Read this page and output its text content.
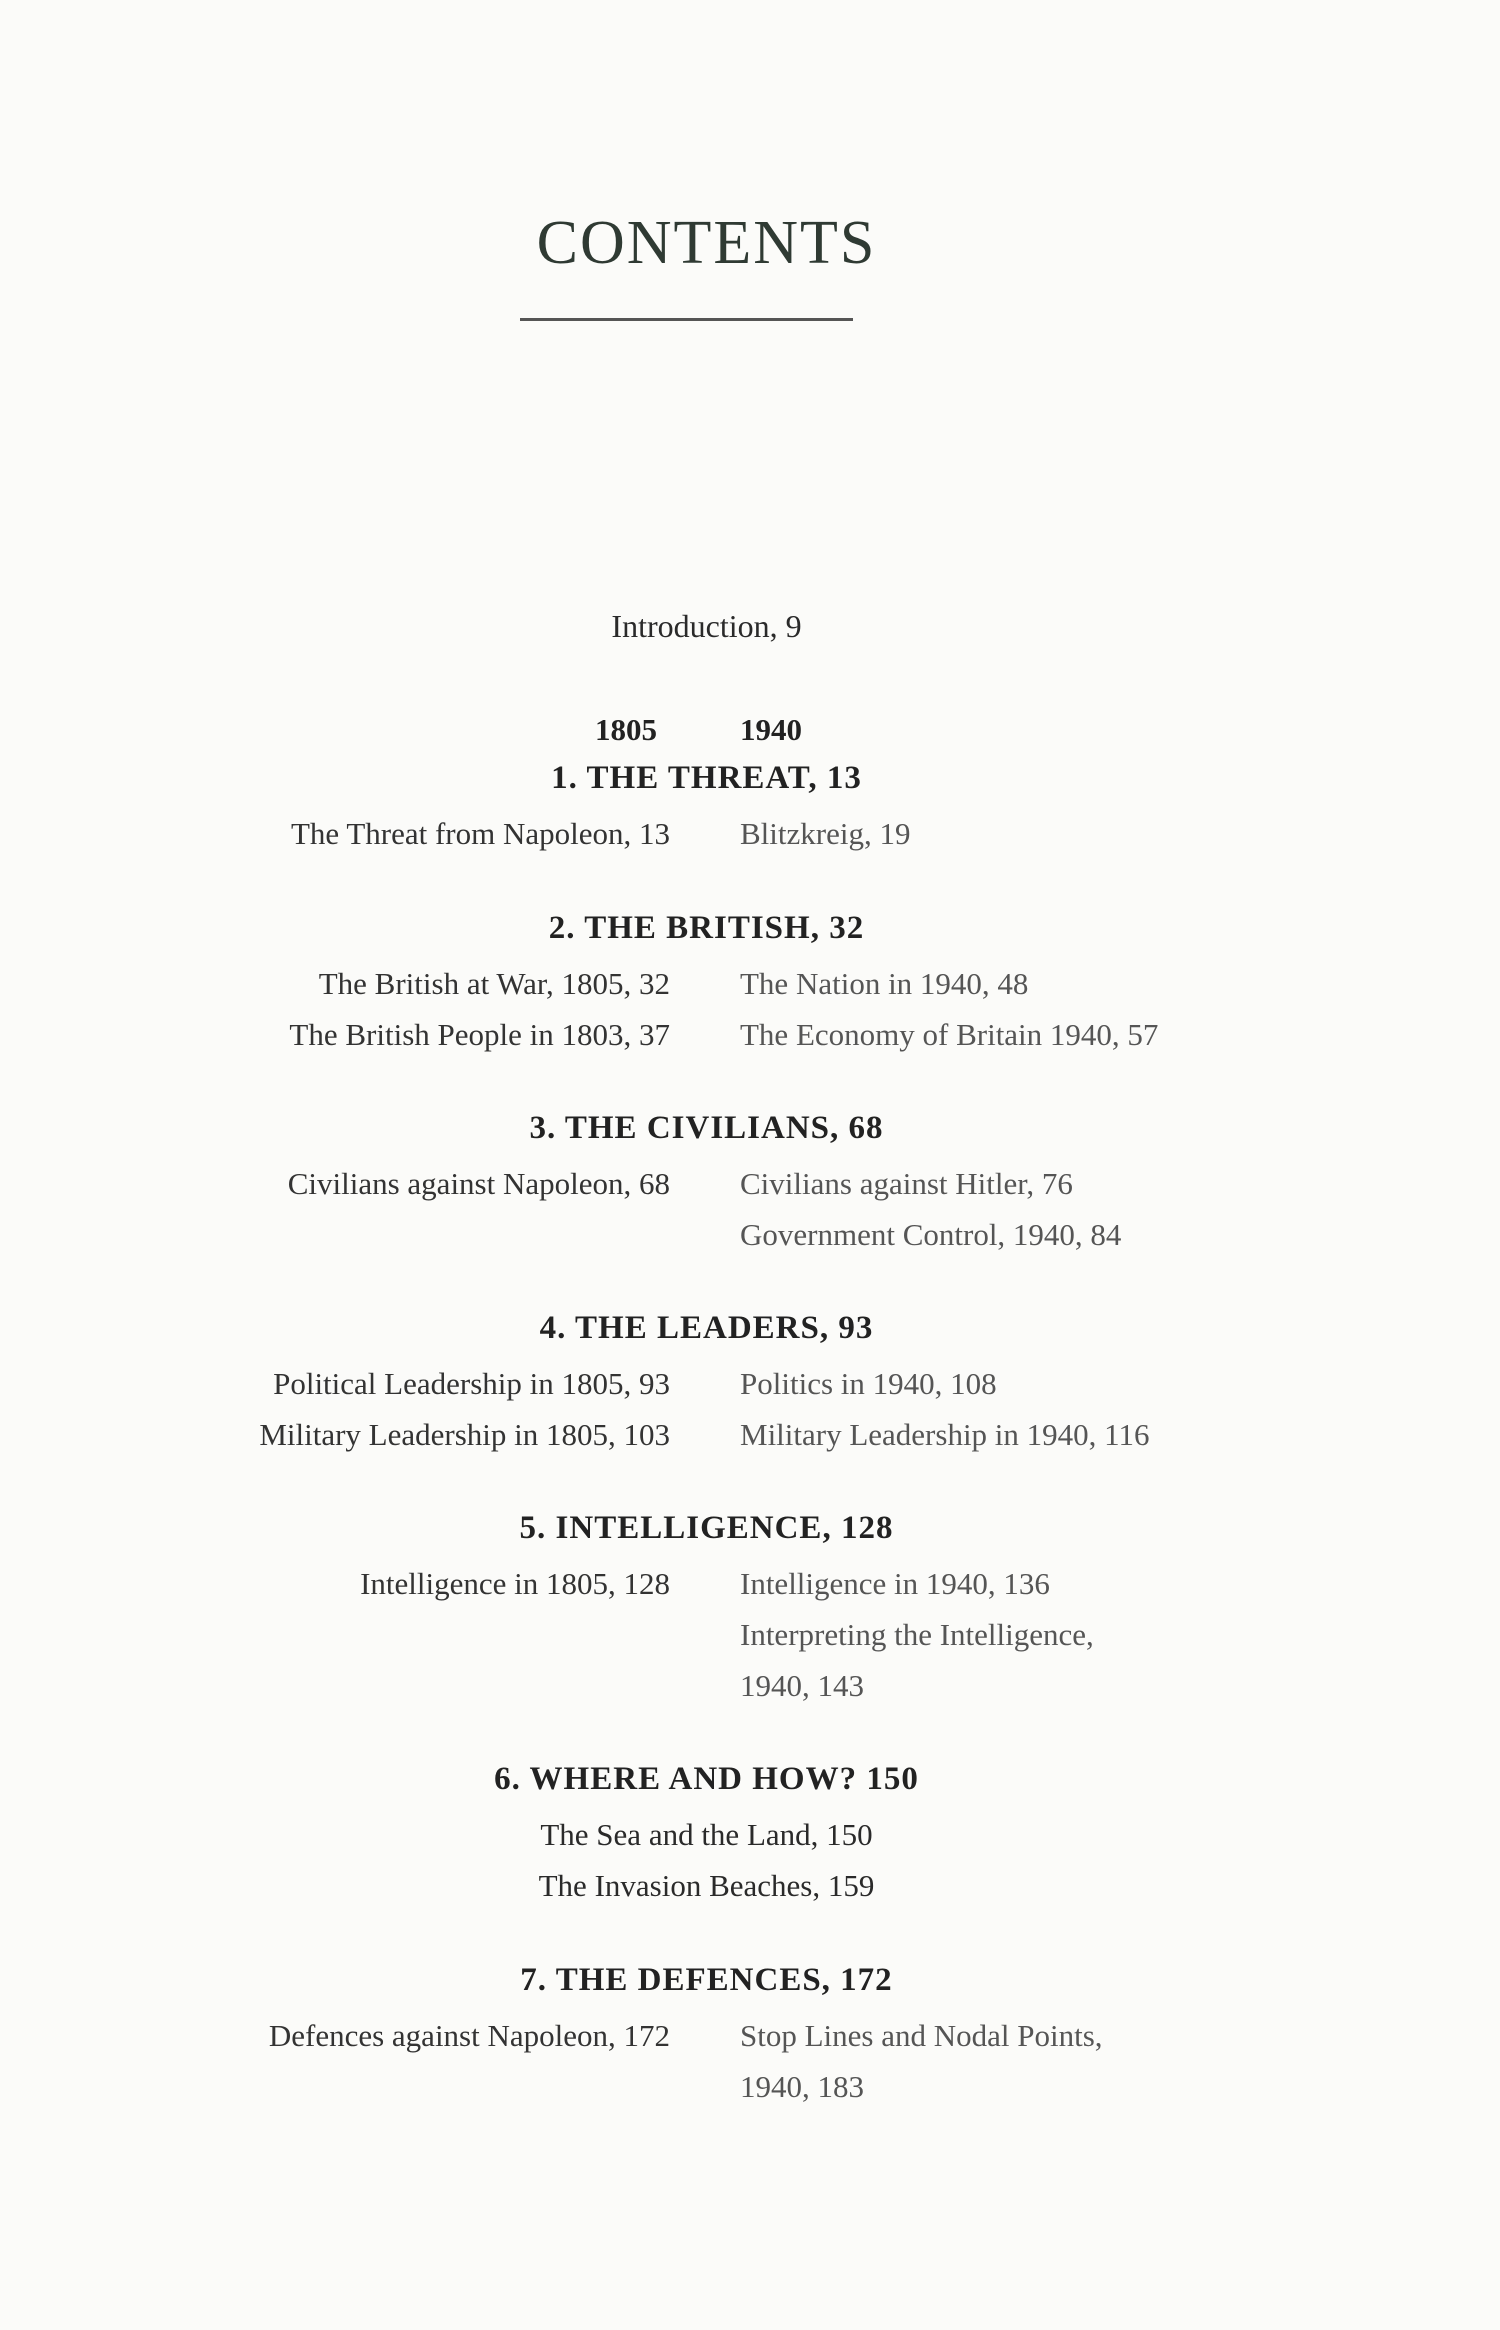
CONTENTS
Introduction, 9
1805	1940
1. THE THREAT, 13
The Threat from Napoleon, 13 Blitzkreig, 19
2. THE BRITISH, 32
The British at War, 1805, 32
The British People in 1803, 37
The Nation in 1940, 48
The Economy of Britain 1940, 57
3. THE CIVILIANS, 68
Civilians against Napoleon, 68 Civilians against Hitler, 76
Government Control, 1940, 84
4. THE LEADERS, 93
Political Leadership in 1805, 93
Military Leadership in 1805, 103
Politics in 1940, 108
Military Leadership in 1940, 116
5. INTELLIGENCE, 128
Intelligence in 1805, 128 Intelligence in 1940, 136
Interpreting the Intelligence,
1940, 143
6. WHERE AND HOW? 150
The Sea and the Land, 150
The Invasion Beaches, 159
7. THE DEFENCES, 172
Defences against Napoleon, 172 Stop Lines and Nodal Points,
1940, 183
